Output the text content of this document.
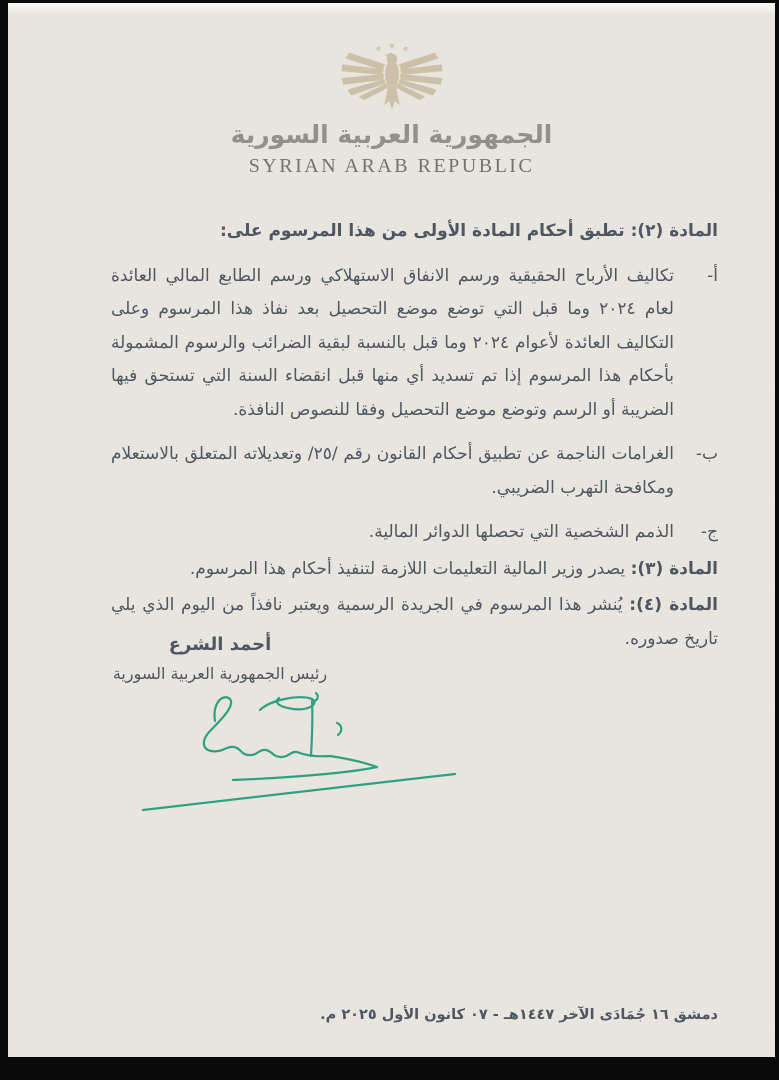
الجمهورية العربية السورية
SYRIAN ARAB REPUBLIC

المادة (٢): تطبق أحكام المادة الأولى من هذا المرسوم على:

أ-
تكاليف الأرباح الحقيقية ورسم الانفاق الاستهلاكي ورسم الطابع المالي العائدة لعام ٢٠٢٤ وما قبل التي توضع موضع التحصيل بعد نفاذ هذا المرسوم وعلى التكاليف العائدة لأعوام ٢٠٢٤ وما قبل بالنسبة لبقية الضرائب والرسوم المشمولة بأحكام هذا المرسوم إذا تم تسديد أي منها قبل انقضاء السنة التي تستحق فيها الضريبة أو الرسم وتوضع موضع التحصيل وفقا للنصوص النافذة.
ب-
الغرامات الناجمة عن تطبيق أحكام القانون رقم /٢٥/ وتعديلاته المتعلق بالاستعلام ومكافحة التهرب الضريبي.
ج-
الذمم الشخصية التي تحصلها الدوائر المالية.

المادة (٣): يصدر وزير المالية التعليمات اللازمة لتنفيذ أحكام هذا المرسوم.

المادة (٤): يُنشر هذا المرسوم في الجريدة الرسمية ويعتبر نافذاً من اليوم الذي يلي تاريخ صدوره.

أحمد الشرع
رئيس الجمهورية العربية السورية
دمشق ١٦ جُمَادَى الآخر ١٤٤٧هـ - ٠٧ كانون الأول ٢٠٢٥ م.
